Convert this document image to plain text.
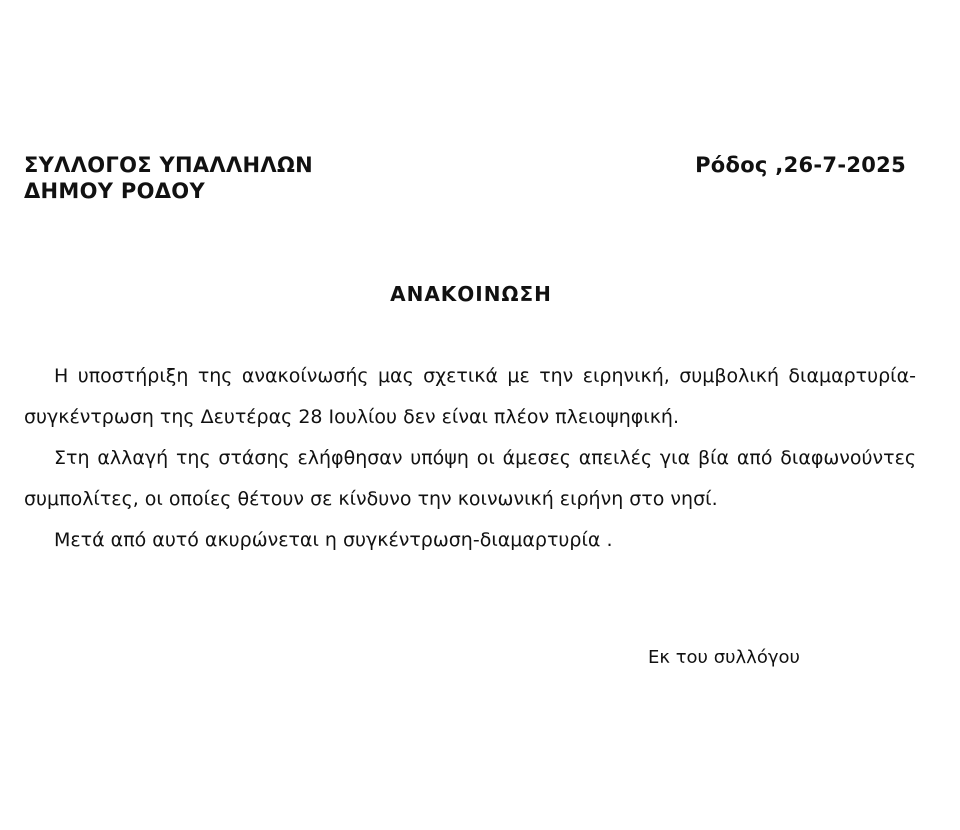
ΣΥΛΛΟΓΟΣ ΥΠΑΛΛΗΛΩΝ
ΔΗΜΟΥ ΡΟΔΟΥ
Ρόδος ,26-7-2025
ΑΝΑΚΟΙΝΩΣΗ

Η υποστήριξη της ανακοίνωσής μας σχετικά με την ειρηνική, συμβολική διαμαρτυρία- συγκέντρωση της Δευτέρας 28 Ιουλίου δεν είναι πλέον πλειοψηφική.

Στη αλλαγή της στάσης ελήφθησαν υπόψη οι άμεσες απειλές για βία από διαφωνούντες συμπολίτες, οι οποίες θέτουν σε κίνδυνο την κοινωνική ειρήνη στο νησί.

Μετά από αυτό ακυρώνεται η συγκέντρωση-διαμαρτυρία .

Εκ του συλλόγου
